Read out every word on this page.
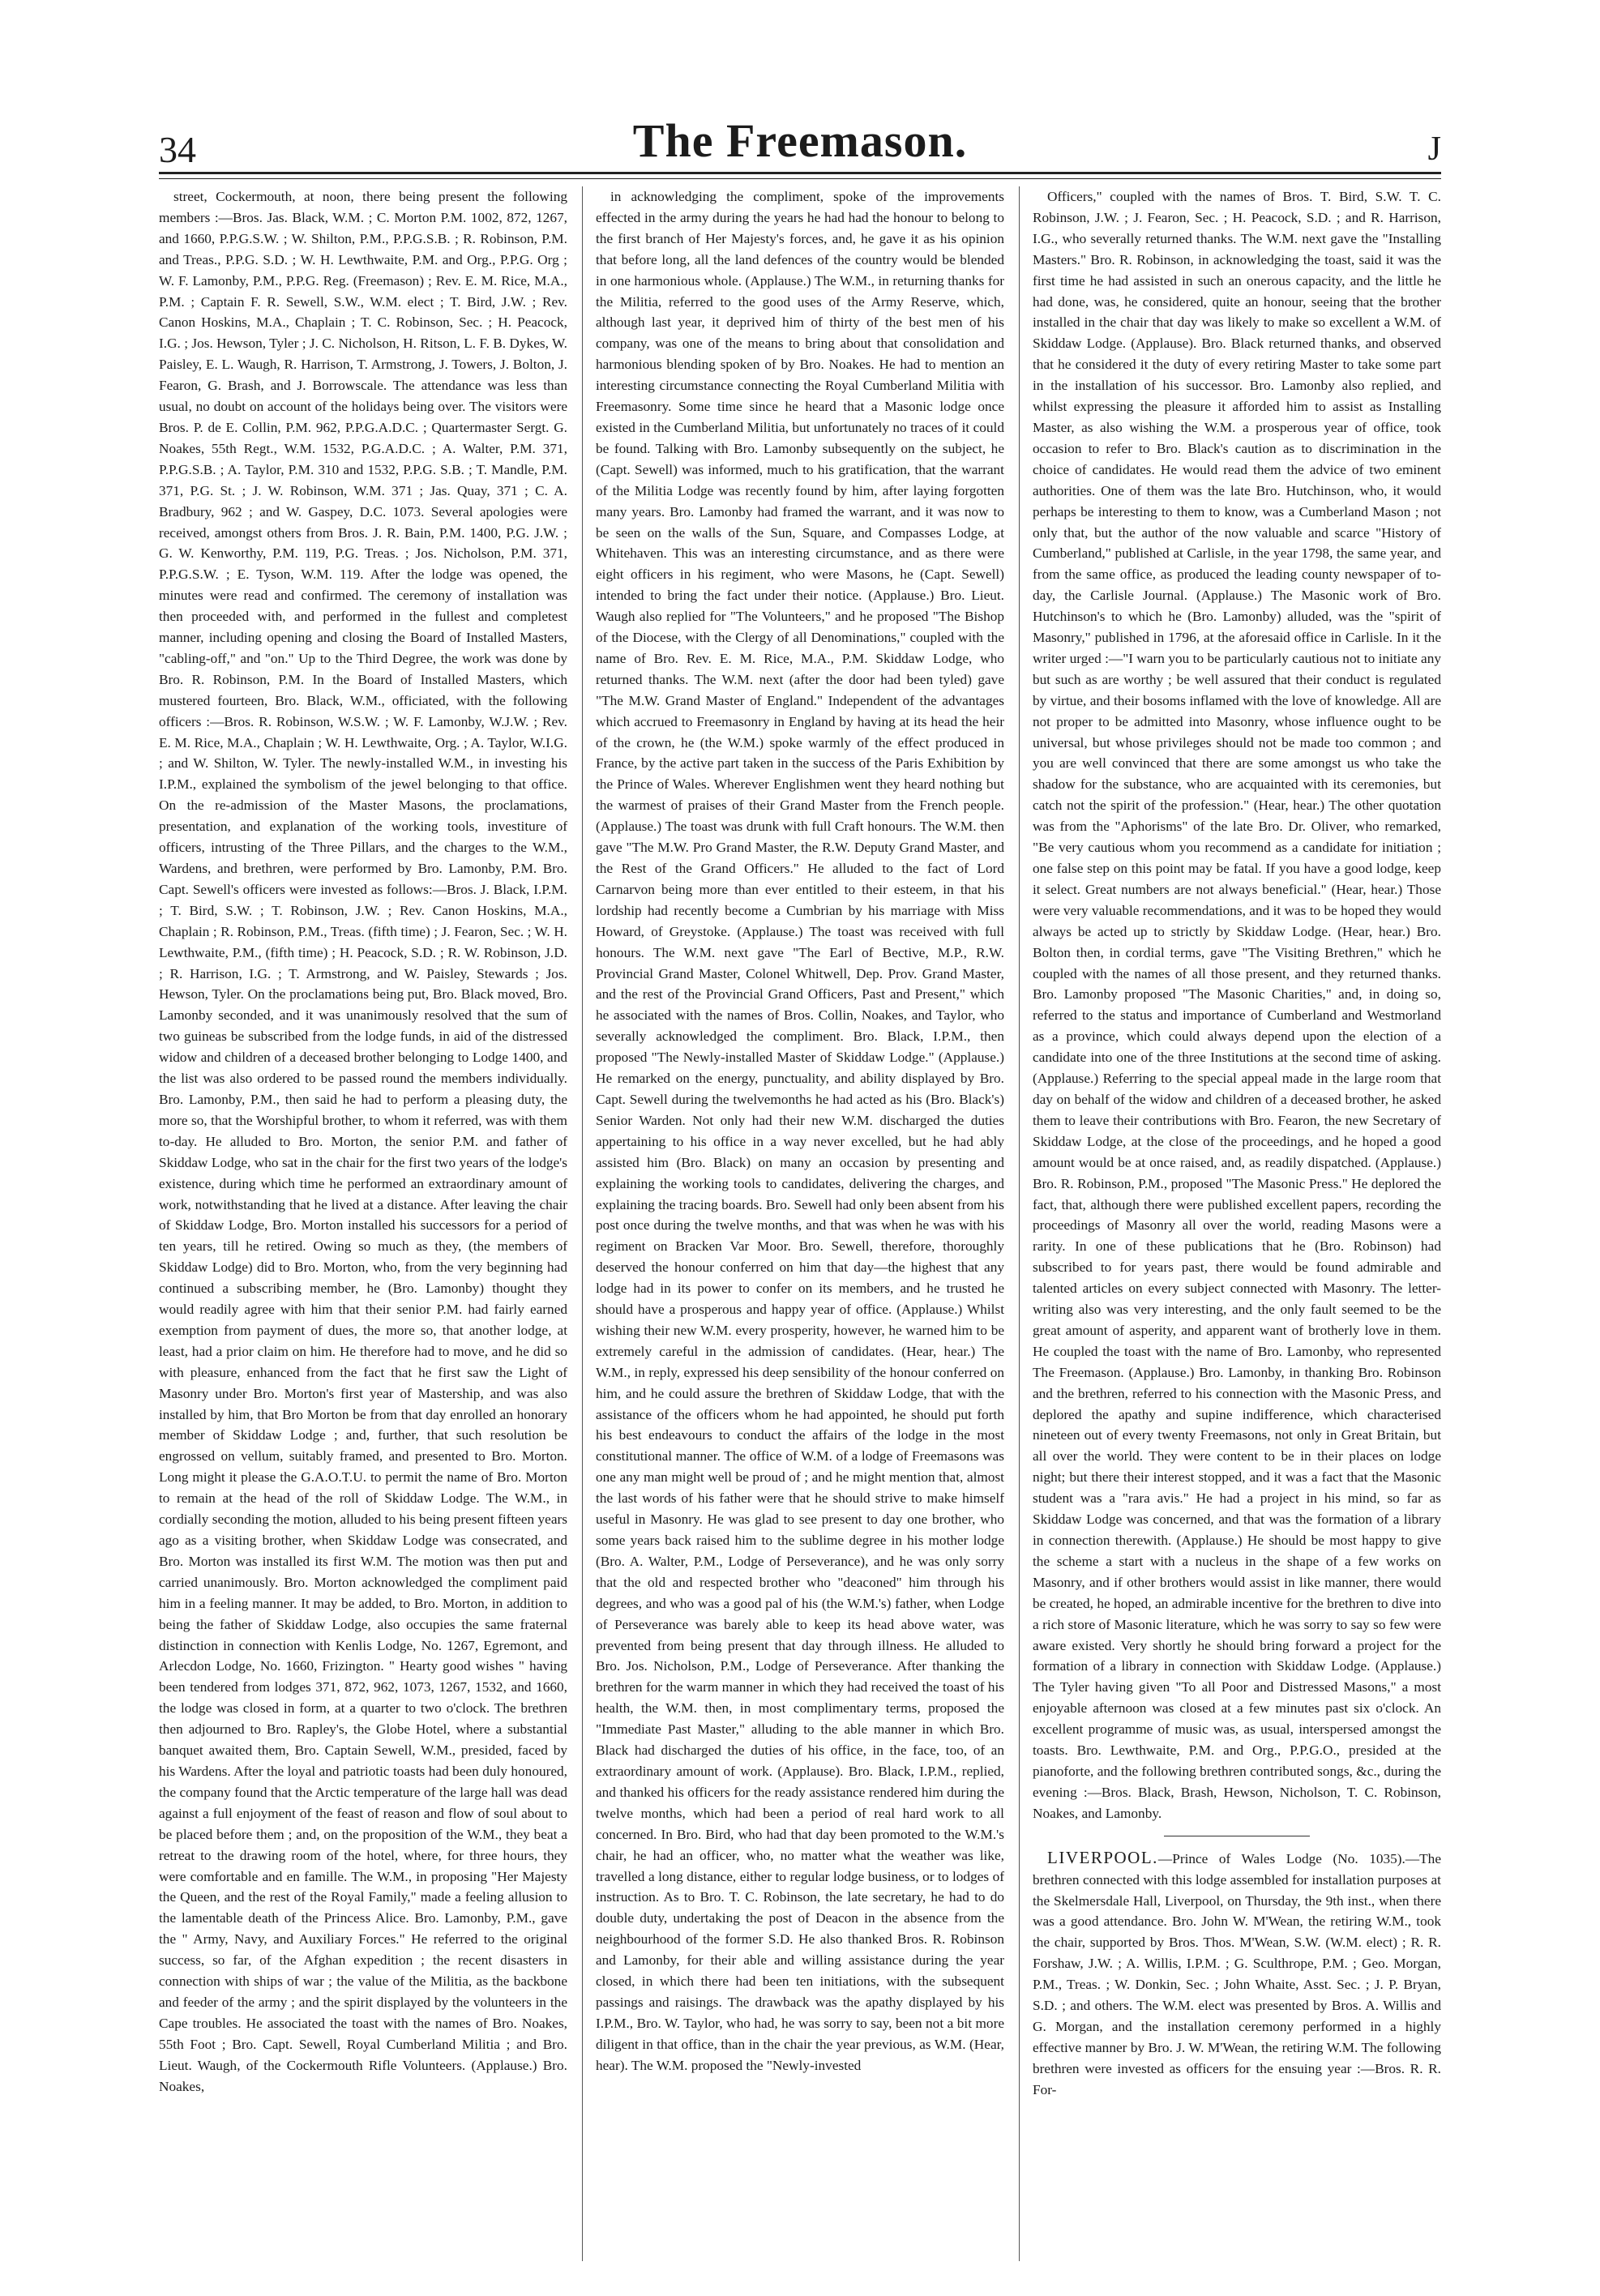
34	The Freemason.	J

street, Cockermouth, at noon, there being present the following members :—Bros. Jas. Black, W.M. ; C. Morton P.M. 1002, 872, 1267, and 1660, P.P.G.S.W. ; W. Shilton, P.M., P.P.G.S.B. ; R. Robinson, P.M. and Treas., P.P.G. S.D. ; W. H. Lewthwaite, P.M. and Org., P.P.G. Org ; W. F. Lamonby, P.M., P.P.G. Reg. (Freemason) ; Rev. E. M. Rice, M.A., P.M. ; Captain F. R. Sewell, S.W., W.M. elect ; T. Bird, J.W. ; Rev. Canon Hoskins, M.A., Chaplain ; T. C. Robinson, Sec. ; H. Peacock, I.G. ; Jos. Hewson, Tyler ; J. C. Nicholson, H. Ritson, L. F. B. Dykes, W. Paisley, E. L. Waugh, R. Harrison, T. Armstrong, J. Towers, J. Bolton, J. Fearon, G. Brash, and J. Borrowscale. The attendance was less than usual, no doubt on account of the holidays being over. The visitors were Bros. P. de E. Collin, P.M. 962, P.P.G.A.D.C. ; Quartermaster Sergt. G. Noakes, 55th Regt., W.M. 1532, P.G.A.D.C. ; A. Walter, P.M. 371, P.P.G.S.B. ; A. Taylor, P.M. 310 and 1532, P.P.G. S.B. ; T. Mandle, P.M. 371, P.G. St. ; J. W. Robinson, W.M. 371 ; Jas. Quay, 371 ; C. A. Bradbury, 962 ; and W. Gaspey, D.C. 1073. Several apologies were received, amongst others from Bros. J. R. Bain, P.M. 1400, P.G. J.W. ; G. W. Kenworthy, P.M. 119, P.G. Treas. ; Jos. Nicholson, P.M. 371, P.P.G.S.W. ; E. Tyson, W.M. 119. After the lodge was opened, the minutes were read and confirmed. The ceremony of installation was then proceeded with, and performed in the fullest and completest manner, including opening and closing the Board of Installed Masters, "cabling-off," and "on." Up to the Third Degree, the work was done by Bro. R. Robinson, P.M. In the Board of Installed Masters, which mustered fourteen, Bro. Black, W.M., officiated, with the following officers :—Bros. R. Robinson, W.S.W. ; W. F. Lamonby, W.J.W. ; Rev. E. M. Rice, M.A., Chaplain ; W. H. Lewthwaite, Org. ; A. Taylor, W.I.G. ; and W. Shilton, W. Tyler. The newly-installed W.M., in investing his I.P.M., explained the symbolism of the jewel belonging to that office. On the re-admission of the Master Masons, the proclamations, presentation, and explanation of the working tools, investiture of officers, intrusting of the Three Pillars, and the charges to the W.M., Wardens, and brethren, were performed by Bro. Lamonby, P.M. Bro. Capt. Sewell's officers were invested as follows:—Bros. J. Black, I.P.M. ; T. Bird, S.W. ; T. Robinson, J.W. ; Rev. Canon Hoskins, M.A., Chaplain ; R. Robinson, P.M., Treas. (fifth time) ; J. Fearon, Sec. ; W. H. Lewthwaite, P.M., (fifth time) ; H. Peacock, S.D. ; R. W. Robinson, J.D. ; R. Harrison, I.G. ; T. Armstrong, and W. Paisley, Stewards ; Jos. Hewson, Tyler. On the proclamations being put, Bro. Black moved, Bro. Lamonby seconded, and it was unanimously resolved that the sum of two guineas be subscribed from the lodge funds, in aid of the distressed widow and children of a deceased brother belonging to Lodge 1400, and the list was also ordered to be passed round the members individually. Bro. Lamonby, P.M., then said he had to perform a pleasing duty, the more so, that the Worshipful brother, to whom it referred, was with them to-day. He alluded to Bro. Morton, the senior P.M. and father of Skiddaw Lodge, who sat in the chair for the first two years of the lodge's existence, during which time he performed an extraordinary amount of work, notwithstanding that he lived at a distance. After leaving the chair of Skiddaw Lodge, Bro. Morton installed his successors for a period of ten years, till he retired. Owing so much as they, (the members of Skiddaw Lodge) did to Bro. Morton, who, from the very beginning had continued a subscribing member, he (Bro. Lamonby) thought they would readily agree with him that their senior P.M. had fairly earned exemption from payment of dues, the more so, that another lodge, at least, had a prior claim on him. He therefore had to move, and he did so with pleasure, enhanced from the fact that he first saw the Light of Masonry under Bro. Morton's first year of Mastership, and was also installed by him, that Bro Morton be from that day enrolled an honorary member of Skiddaw Lodge ; and, further, that such resolution be engrossed on vellum, suitably framed, and presented to Bro. Morton. Long might it please the G.A.O.T.U. to permit the name of Bro. Morton to remain at the head of the roll of Skiddaw Lodge. The W.M., in cordially seconding the motion, alluded to his being present fifteen years ago as a visiting brother, when Skiddaw Lodge was consecrated, and Bro. Morton was installed its first W.M. The motion was then put and carried unanimously. Bro. Morton acknowledged the compliment paid him in a feeling manner. It may be added, to Bro. Morton, in addition to being the father of Skiddaw Lodge, also occupies the same fraternal distinction in connection with Kenlis Lodge, No. 1267, Egremont, and Arlecdon Lodge, No. 1660, Frizington. " Hearty good wishes " having been tendered from lodges 371, 872, 962, 1073, 1267, 1532, and 1660, the lodge was closed in form, at a quarter to two o'clock. The brethren then adjourned to Bro. Rapley's, the Globe Hotel, where a substantial banquet awaited them, Bro. Captain Sewell, W.M., presided, faced by his Wardens. After the loyal and patriotic toasts had been duly honoured, the company found that the Arctic temperature of the large hall was dead against a full enjoyment of the feast of reason and flow of soul about to be placed before them ; and, on the proposition of the W.M., they beat a retreat to the drawing room of the hotel, where, for three hours, they were comfortable and en famille. The W.M., in proposing "Her Majesty the Queen, and the rest of the Royal Family," made a feeling allusion to the lamentable death of the Princess Alice. Bro. Lamonby, P.M., gave the " Army, Navy, and Auxiliary Forces." He referred to the original success, so far, of the Afghan expedition ; the recent disasters in connection with ships of war ; the value of the Militia, as the backbone and feeder of the army ; and the spirit displayed by the volunteers in the Cape troubles. He associated the toast with the names of Bro. Noakes, 55th Foot ; Bro. Capt. Sewell, Royal Cumberland Militia ; and Bro. Lieut. Waugh, of the Cockermouth Rifle Volunteers. (Applause.) Bro. Noakes,

in acknowledging the compliment, spoke of the improvements effected in the army during the years he had had the honour to belong to the first branch of Her Majesty's forces, and, he gave it as his opinion that before long, all the land defences of the country would be blended in one harmonious whole. (Applause.) The W.M., in returning thanks for the Militia, referred to the good uses of the Army Reserve, which, although last year, it deprived him of thirty of the best men of his company, was one of the means to bring about that consolidation and harmonious blending spoken of by Bro. Noakes. He had to mention an interesting circumstance connecting the Royal Cumberland Militia with Freemasonry. Some time since he heard that a Masonic lodge once existed in the Cumberland Militia, but unfortunately no traces of it could be found. Talking with Bro. Lamonby subsequently on the subject, he (Capt. Sewell) was informed, much to his gratification, that the warrant of the Militia Lodge was recently found by him, after laying forgotten many years. Bro. Lamonby had framed the warrant, and it was now to be seen on the walls of the Sun, Square, and Compasses Lodge, at Whitehaven. This was an interesting circumstance, and as there were eight officers in his regiment, who were Masons, he (Capt. Sewell) intended to bring the fact under their notice. (Applause.) Bro. Lieut. Waugh also replied for "The Volunteers," and he proposed "The Bishop of the Diocese, with the Clergy of all Denominations," coupled with the name of Bro. Rev. E. M. Rice, M.A., P.M. Skiddaw Lodge, who returned thanks. The W.M. next (after the door had been tyled) gave "The M.W. Grand Master of England." Independent of the advantages which accrued to Freemasonry in England by having at its head the heir of the crown, he (the W.M.) spoke warmly of the effect produced in France, by the active part taken in the success of the Paris Exhibition by the Prince of Wales. Wherever Englishmen went they heard nothing but the warmest of praises of their Grand Master from the French people. (Applause.) The toast was drunk with full Craft honours. The W.M. then gave "The M.W. Pro Grand Master, the R.W. Deputy Grand Master, and the Rest of the Grand Officers." He alluded to the fact of Lord Carnarvon being more than ever entitled to their esteem, in that his lordship had recently become a Cumbrian by his marriage with Miss Howard, of Greystoke. (Applause.) The toast was received with full honours. The W.M. next gave "The Earl of Bective, M.P., R.W. Provincial Grand Master, Colonel Whitwell, Dep. Prov. Grand Master, and the rest of the Provincial Grand Officers, Past and Present," which he associated with the names of Bros. Collin, Noakes, and Taylor, who severally acknowledged the compliment. Bro. Black, I.P.M., then proposed "The Newly-installed Master of Skiddaw Lodge." (Applause.) He remarked on the energy, punctuality, and ability displayed by Bro. Capt. Sewell during the twelvemonths he had acted as his (Bro. Black's) Senior Warden. Not only had their new W.M. discharged the duties appertaining to his office in a way never excelled, but he had ably assisted him (Bro. Black) on many an occasion by presenting and explaining the working tools to candidates, delivering the charges, and explaining the tracing boards. Bro. Sewell had only been absent from his post once during the twelve months, and that was when he was with his regiment on Bracken Var Moor. Bro. Sewell, therefore, thoroughly deserved the honour conferred on him that day—the highest that any lodge had in its power to confer on its members, and he trusted he should have a prosperous and happy year of office. (Applause.) Whilst wishing their new W.M. every prosperity, however, he warned him to be extremely careful in the admission of candidates. (Hear, hear.) The W.M., in reply, expressed his deep sensibility of the honour conferred on him, and he could assure the brethren of Skiddaw Lodge, that with the assistance of the officers whom he had appointed, he should put forth his best endeavours to conduct the affairs of the lodge in the most constitutional manner. The office of W.M. of a lodge of Freemasons was one any man might well be proud of ; and he might mention that, almost the last words of his father were that he should strive to make himself useful in Masonry. He was glad to see present to day one brother, who some years back raised him to the sublime degree in his mother lodge (Bro. A. Walter, P.M., Lodge of Perseverance), and he was only sorry that the old and respected brother who "deaconed" him through his degrees, and who was a good pal of his (the W.M.'s) father, when Lodge of Perseverance was barely able to keep its head above water, was prevented from being present that day through illness. He alluded to Bro. Jos. Nicholson, P.M., Lodge of Perseverance. After thanking the brethren for the warm manner in which they had received the toast of his health, the W.M. then, in most complimentary terms, proposed the "Immediate Past Master," alluding to the able manner in which Bro. Black had discharged the duties of his office, in the face, too, of an extraordinary amount of work. (Applause). Bro. Black, I.P.M., replied, and thanked his officers for the ready assistance rendered him during the twelve months, which had been a period of real hard work to all concerned. In Bro. Bird, who had that day been promoted to the W.M.'s chair, he had an officer, who, no matter what the weather was like, travelled a long distance, either to regular lodge business, or to lodges of instruction. As to Bro. T. C. Robinson, the late secretary, he had to do double duty, undertaking the post of Deacon in the absence from the neighbourhood of the former S.D. He also thanked Bros. R. Robinson and Lamonby, for their able and willing assistance during the year closed, in which there had been ten initiations, with the subsequent passings and raisings. The drawback was the apathy displayed by his I.P.M., Bro. W. Taylor, who had, he was sorry to say, been not a bit more diligent in that office, than in the chair the year previous, as W.M. (Hear, hear). The W.M. proposed the "Newly-invested

Officers," coupled with the names of Bros. T. Bird, S.W. T. C. Robinson, J.W. ; J. Fearon, Sec. ; H. Peacock, S.D. ; and R. Harrison, I.G., who severally returned thanks. The W.M. next gave the "Installing Masters." Bro. R. Robinson, in acknowledging the toast, said it was the first time he had assisted in such an onerous capacity, and the little he had done, was, he considered, quite an honour, seeing that the brother installed in the chair that day was likely to make so excellent a W.M. of Skiddaw Lodge. (Applause). Bro. Black returned thanks, and observed that he considered it the duty of every retiring Master to take some part in the installation of his successor. Bro. Lamonby also replied, and whilst expressing the pleasure it afforded him to assist as Installing Master, as also wishing the W.M. a prosperous year of office, took occasion to refer to Bro. Black's caution as to discrimination in the choice of candidates. He would read them the advice of two eminent authorities. One of them was the late Bro. Hutchinson, who, it would perhaps be interesting to them to know, was a Cumberland Mason ; not only that, but the author of the now valuable and scarce "History of Cumberland," published at Carlisle, in the year 1798, the same year, and from the same office, as produced the leading county newspaper of to-day, the Carlisle Journal. (Applause.) The Masonic work of Bro. Hutchinson's to which he (Bro. Lamonby) alluded, was the "spirit of Masonry," published in 1796, at the aforesaid office in Carlisle. In it the writer urged :—"I warn you to be particularly cautious not to initiate any but such as are worthy ; be well assured that their conduct is regulated by virtue, and their bosoms inflamed with the love of knowledge. All are not proper to be admitted into Masonry, whose influence ought to be universal, but whose privileges should not be made too common ; and you are well convinced that there are some amongst us who take the shadow for the substance, who are acquainted with its ceremonies, but catch not the spirit of the profession." (Hear, hear.) The other quotation was from the "Aphorisms" of the late Bro. Dr. Oliver, who remarked, "Be very cautious whom you recommend as a candidate for initiation ; one false step on this point may be fatal. If you have a good lodge, keep it select. Great numbers are not always beneficial." (Hear, hear.) Those were very valuable recommendations, and it was to be hoped they would always be acted up to strictly by Skiddaw Lodge. (Hear, hear.) Bro. Bolton then, in cordial terms, gave "The Visiting Brethren," which he coupled with the names of all those present, and they returned thanks. Bro. Lamonby proposed "The Masonic Charities," and, in doing so, referred to the status and importance of Cumberland and Westmorland as a province, which could always depend upon the election of a candidate into one of the three Institutions at the second time of asking. (Applause.) Referring to the special appeal made in the large room that day on behalf of the widow and children of a deceased brother, he asked them to leave their contributions with Bro. Fearon, the new Secretary of Skiddaw Lodge, at the close of the proceedings, and he hoped a good amount would be at once raised, and, as readily dispatched. (Applause.) Bro. R. Robinson, P.M., proposed "The Masonic Press." He deplored the fact, that, although there were published excellent papers, recording the proceedings of Masonry all over the world, reading Masons were a rarity. In one of these publications that he (Bro. Robinson) had subscribed to for years past, there would be found admirable and talented articles on every subject connected with Masonry. The letter-writing also was very interesting, and the only fault seemed to be the great amount of asperity, and apparent want of brotherly love in them. He coupled the toast with the name of Bro. Lamonby, who represented The Freemason. (Applause.) Bro. Lamonby, in thanking Bro. Robinson and the brethren, referred to his connection with the Masonic Press, and deplored the apathy and supine indifference, which characterised nineteen out of every twenty Freemasons, not only in Great Britain, but all over the world. They were content to be in their places on lodge night; but there their interest stopped, and it was a fact that the Masonic student was a "rara avis." He had a project in his mind, so far as Skiddaw Lodge was concerned, and that was the formation of a library in connection therewith. (Applause.) He should be most happy to give the scheme a start with a nucleus in the shape of a few works on Masonry, and if other brothers would assist in like manner, there would be created, he hoped, an admirable incentive for the brethren to dive into a rich store of Masonic literature, which he was sorry to say so few were aware existed. Very shortly he should bring forward a project for the formation of a library in connection with Skiddaw Lodge. (Applause.) The Tyler having given "To all Poor and Distressed Masons," a most enjoyable afternoon was closed at a few minutes past six o'clock. An excellent programme of music was, as usual, interspersed amongst the toasts. Bro. Lewthwaite, P.M. and Org., P.P.G.O., presided at the pianoforte, and the following brethren contributed songs, &c., during the evening :—Bros. Black, Brash, Hewson, Nicholson, T. C. Robinson, Noakes, and Lamonby.

LIVERPOOL.—Prince of Wales Lodge (No. 1035).—The brethren connected with this lodge assembled for installation purposes at the Skelmersdale Hall, Liverpool, on Thursday, the 9th inst., when there was a good attendance. Bro. John W. M'Wean, the retiring W.M., took the chair, supported by Bros. Thos. M'Wean, S.W. (W.M. elect) ; R. R. Forshaw, J.W. ; A. Willis, I.P.M. ; G. Sculthrope, P.M. ; Geo. Morgan, P.M., Treas. ; W. Donkin, Sec. ; John Whaite, Asst. Sec. ; J. P. Bryan, S.D. ; and others. The W.M. elect was presented by Bros. A. Willis and G. Morgan, and the installation ceremony performed in a highly effective manner by Bro. J. W. M'Wean, the retiring W.M. The following brethren were invested as officers for the ensuing year :—Bros. R. R. For-
